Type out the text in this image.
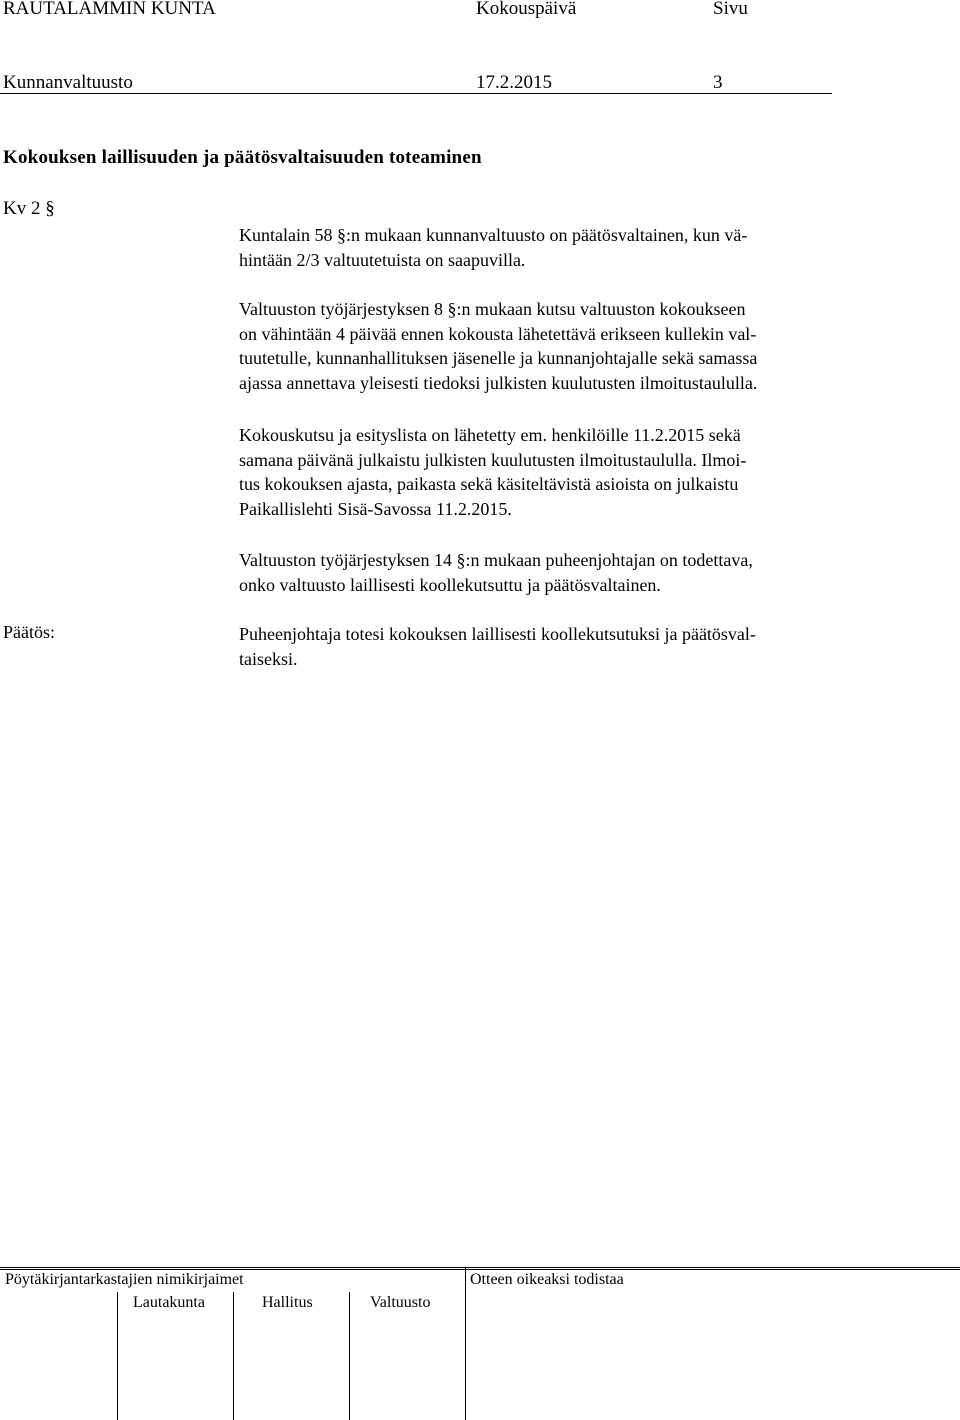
RAUTALAMMIN KUNTA	Kokouspäivä	Sivu
Kunnanvaltuusto	17.2.2015	3
Kokouksen laillisuuden ja päätösvaltaisuuden toteaminen
Kv 2 §
Kuntalain 58 §:n mukaan kunnanvaltuusto on päätösvaltainen, kun vä-
hintään 2/3 valtuutetuista on saapuvilla.
Valtuuston työjärjestyksen 8 §:n mukaan kutsu valtuuston kokoukseen
on vähintään 4 päivää ennen kokousta lähetettävä erikseen kullekin val-
tuutetulle, kunnanhallituksen jäsenelle ja kunnanjohtajalle sekä samassa
ajassa annettava yleisesti tiedoksi julkisten kuulutusten ilmoitustaululla.
Kokouskutsu ja esityslista on lähetetty em. henkilöille 11.2.2015 sekä
samana päivänä julkaistu julkisten kuulutusten ilmoitustaululla. Ilmoi-
tus kokouksen ajasta, paikasta sekä käsiteltävistä asioista on julkaistu
Paikallislehti Sisä-Savossa 11.2.2015.
Valtuuston työjärjestyksen 14 §:n mukaan puheenjohtajan on todettava,
onko valtuusto laillisesti koollekutsuttu ja päätösvaltainen.
Päätös:	Puheenjohtaja totesi kokouksen laillisesti koollekutsutuksi ja päätösval-
taiseksi.
Pöytäkirjantarkastajien nimikirjaimet	Otteen oikeaksi todistaa
Lautakunta	Hallitus	Valtuusto
